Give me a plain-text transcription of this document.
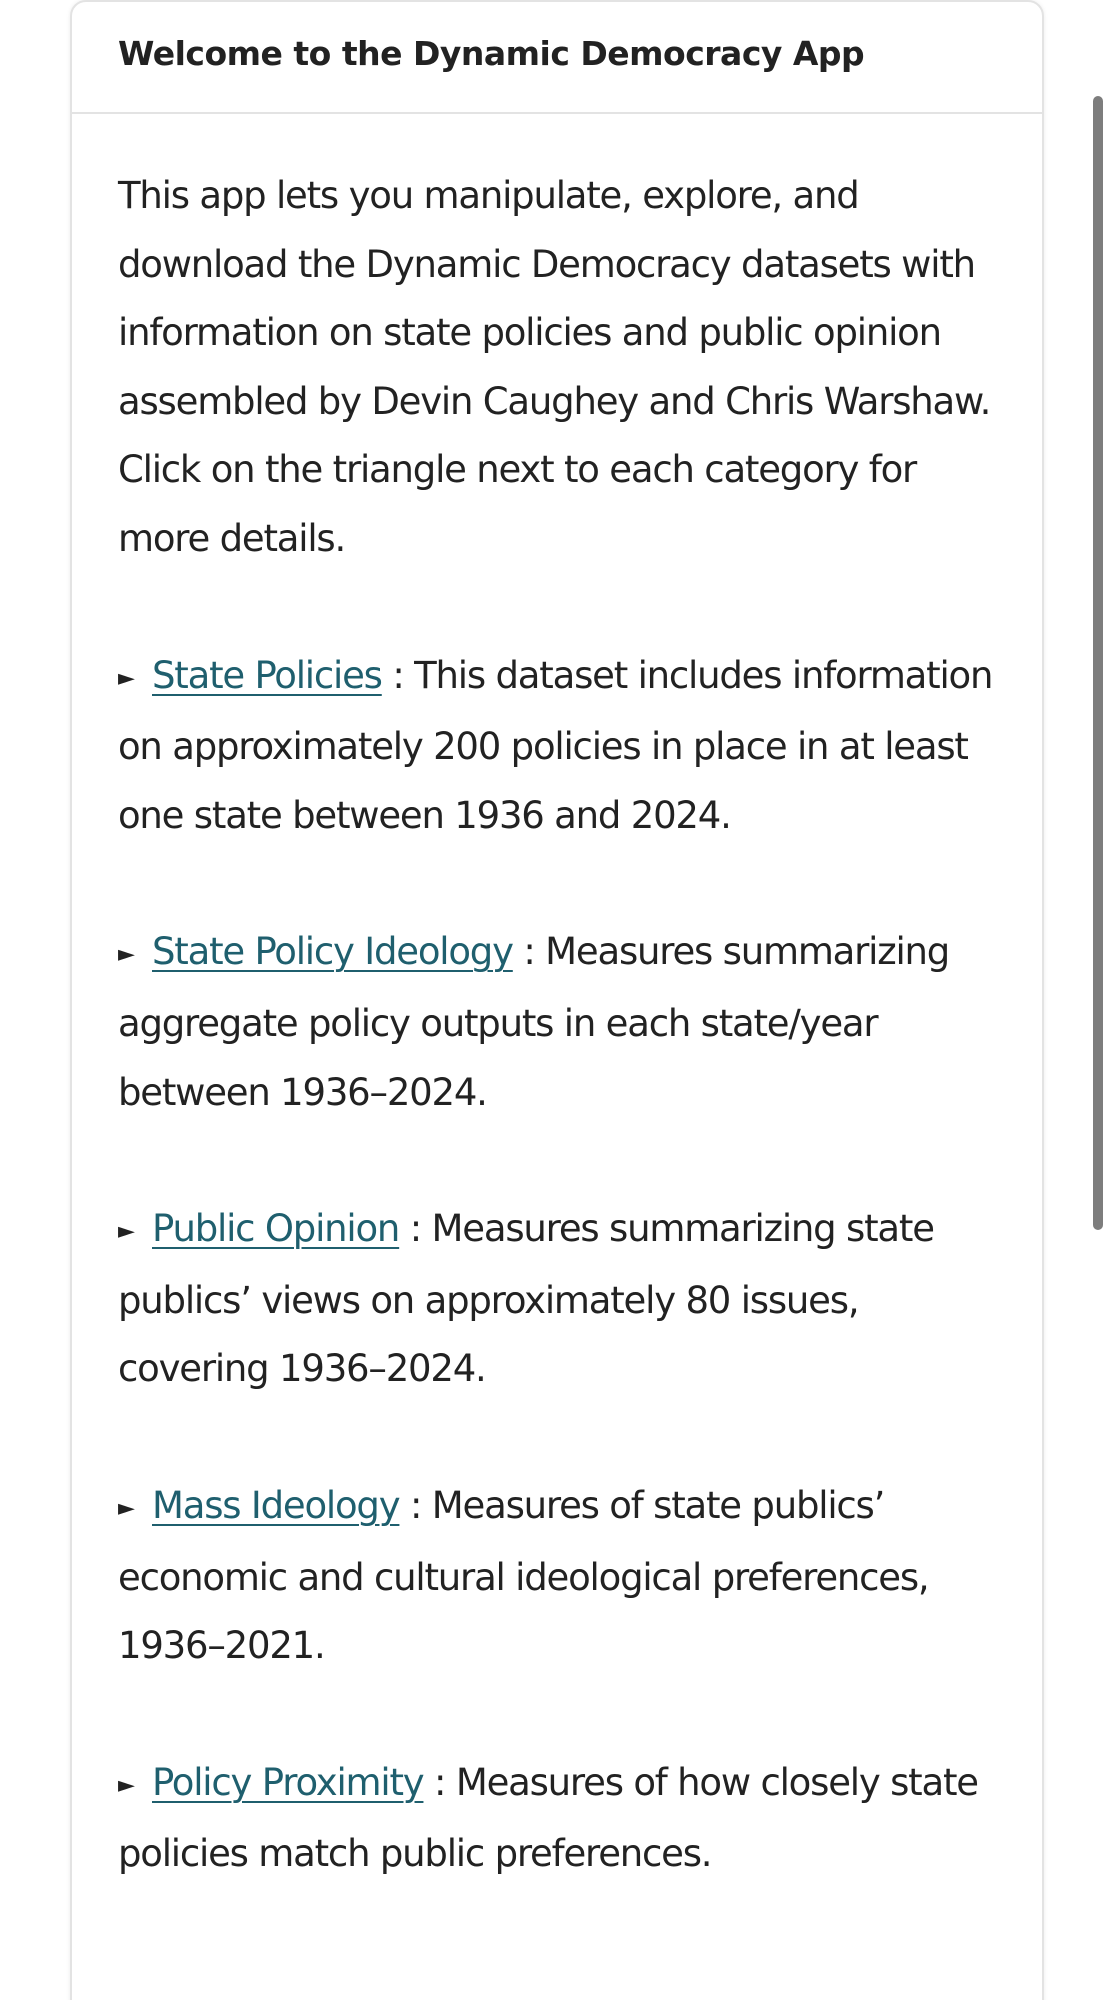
Welcome to the Dynamic Democracy App

This app lets you manipulate, explore, and download the Dynamic Democracy datasets with information on state policies and public opinion assembled by Devin Caughey and Chris Warshaw. Click on the triangle next to each category for more details.

► State Policies : This dataset includes information on approximately 200 policies in place in at least one state between 1936 and 2024.

► State Policy Ideology : Measures summarizing aggregate policy outputs in each state/year between 1936–2024.

► Public Opinion : Measures summarizing state publics’ views on approximately 80 issues, covering 1936–2024.

► Mass Ideology : Measures of state publics’ economic and cultural ideological preferences, 1936–2021.

► Policy Proximity : Measures of how closely state policies match public preferences.
